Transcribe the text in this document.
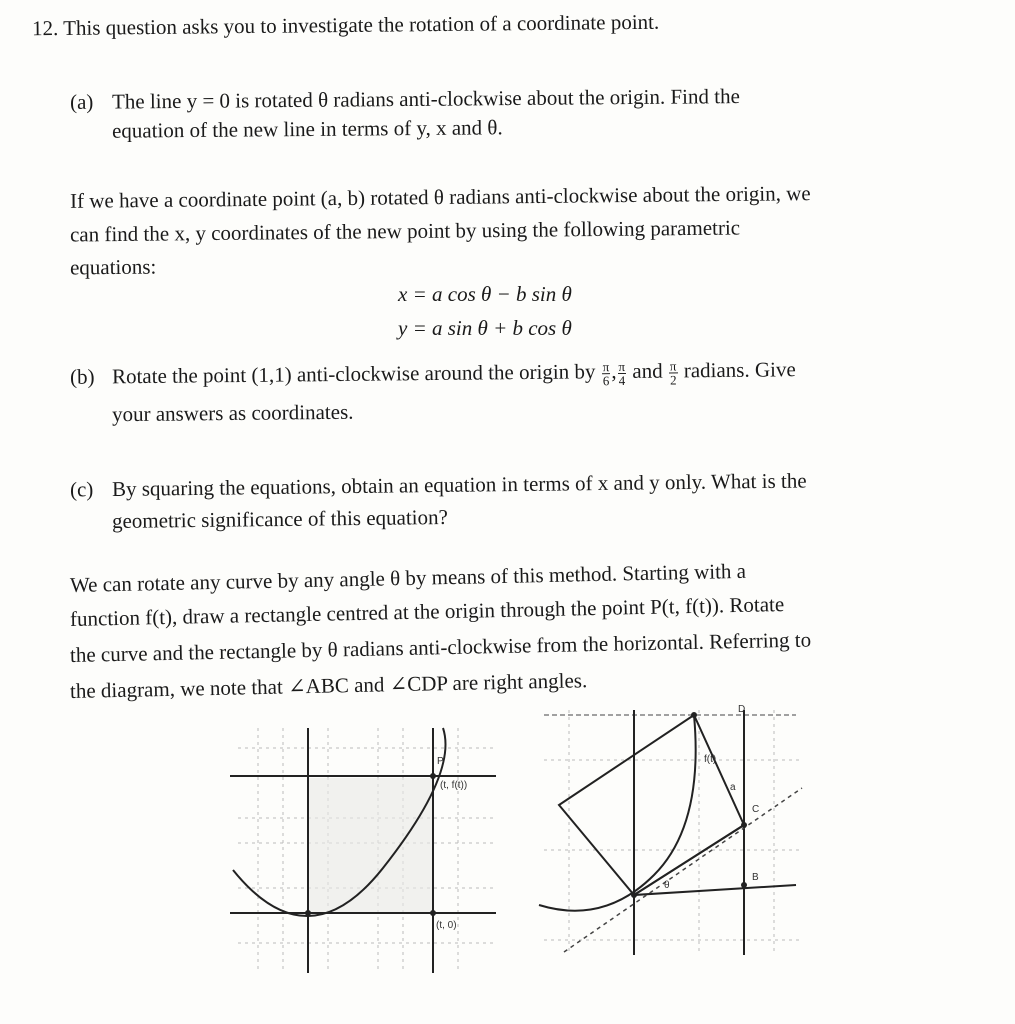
12. This question asks you to investigate the rotation of a coordinate point.
(a) The line y = 0 is rotated θ radians anti-clockwise about the origin. Find the
equation of the new line in terms of y, x and θ.
If we have a coordinate point (a, b) rotated θ radians anti-clockwise about the origin, we
can find the x, y coordinates of the new point by using the following parametric
equations:
x = a cos θ − b sin θ
y = a sin θ + b cos θ
(b) Rotate the point (1,1) anti-clockwise around the origin by $\frac{\pi}{6}$ , $\frac{\pi}{4}$ and $\frac{\pi}{2}$ radians. Give
your answers as coordinates.
(c) By squaring the equations, obtain an equation in terms of x and y only. What is the
geometric significance of this equation?
We can rotate any curve by any angle θ by means of this method. Starting with a
function f(t), draw a rectangle centred at the origin through the point P(t, f(t)). Rotate
the curve and the rectangle by θ radians anti-clockwise from the horizontal. Referring to
the diagram, we note that ∠ABC and ∠CDP are right angles.
P
(t, f(t))
(t, 0)
f(t)
a
C
θ
B
D
